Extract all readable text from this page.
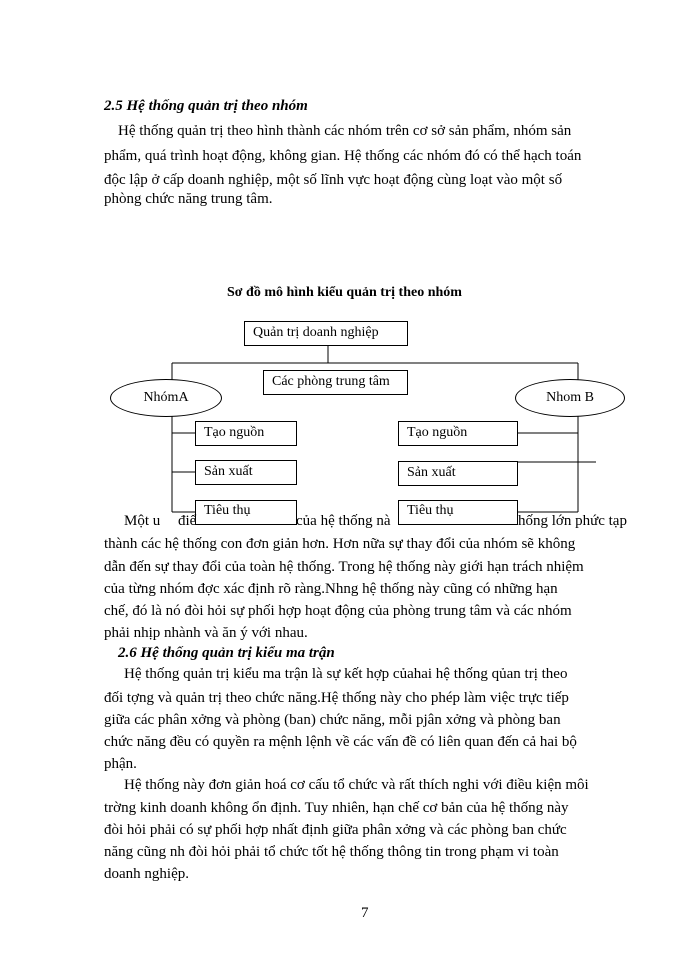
2.5 Hệ thống quản trị theo nhóm
Hệ thống quản trị theo hình thành các nhóm trên cơ sở sản phẩm, nhóm sản
phẩm, quá trình hoạt động, không gian. Hệ thống các nhóm đó có thể hạch toán
độc lập ở cấp doanh nghiệp, một số lĩnh vực hoạt động cùng loạt vào một số
phòng chức năng trung tâm.
Sơ đồ mô hình kiểu quản trị theo nhóm
Quản trị doanh nghiệp
Các phòng trung tâm
NhómA	Nhom B
Tạo nguồn
Sản xuất
Tiêu thụ
Tạo nguồn
Sản xuất
Tiêu thụ
Một u điể	của hệ thống nà	hống lớn phức tạp
thành các hệ thống con đơn giản hơn. Hơn nữa sự thay đổi của nhóm sẽ không
dẫn đến sự thay đổi của toàn hệ thống. Trong hệ thống này giới hạn trách nhiệm
của từng nhóm đợc xác định rõ ràng.Nhng hệ thống này cũng có những hạn
chế, đó là nó đòi hỏi sự phối hợp hoạt động của phòng trung tâm và các nhóm
phải nhịp nhành và ăn ý với nhau.
2.6 Hệ thống quản trị kiểu ma trận
Hệ thống quản trị kiểu ma trận là sự kết hợp củahai hệ thống qủan trị theo
đối tợng và quản trị theo chức năng.Hệ thống này cho phép làm việc trực tiếp
giữa các phân xởng và phòng (ban) chức năng, mỗi pjân xởng và phòng ban
chức năng đều có quyền ra mệnh lệnh về các vấn đề có liên quan đến cả hai bộ
phận.
Hệ thống này đơn giản hoá cơ cấu tổ chức và rất thích nghi với điều kiện môi
trờng kinh doanh không ổn định. Tuy nhiên, hạn chế cơ bản của hệ thống này
đòi hỏi phải có sự phối hợp nhất định giữa phân xởng và các phòng ban chức
năng cũng nh đòi hỏi phải tổ chức tốt hệ thống thông tin trong phạm vi toàn
doanh nghiệp.
7
